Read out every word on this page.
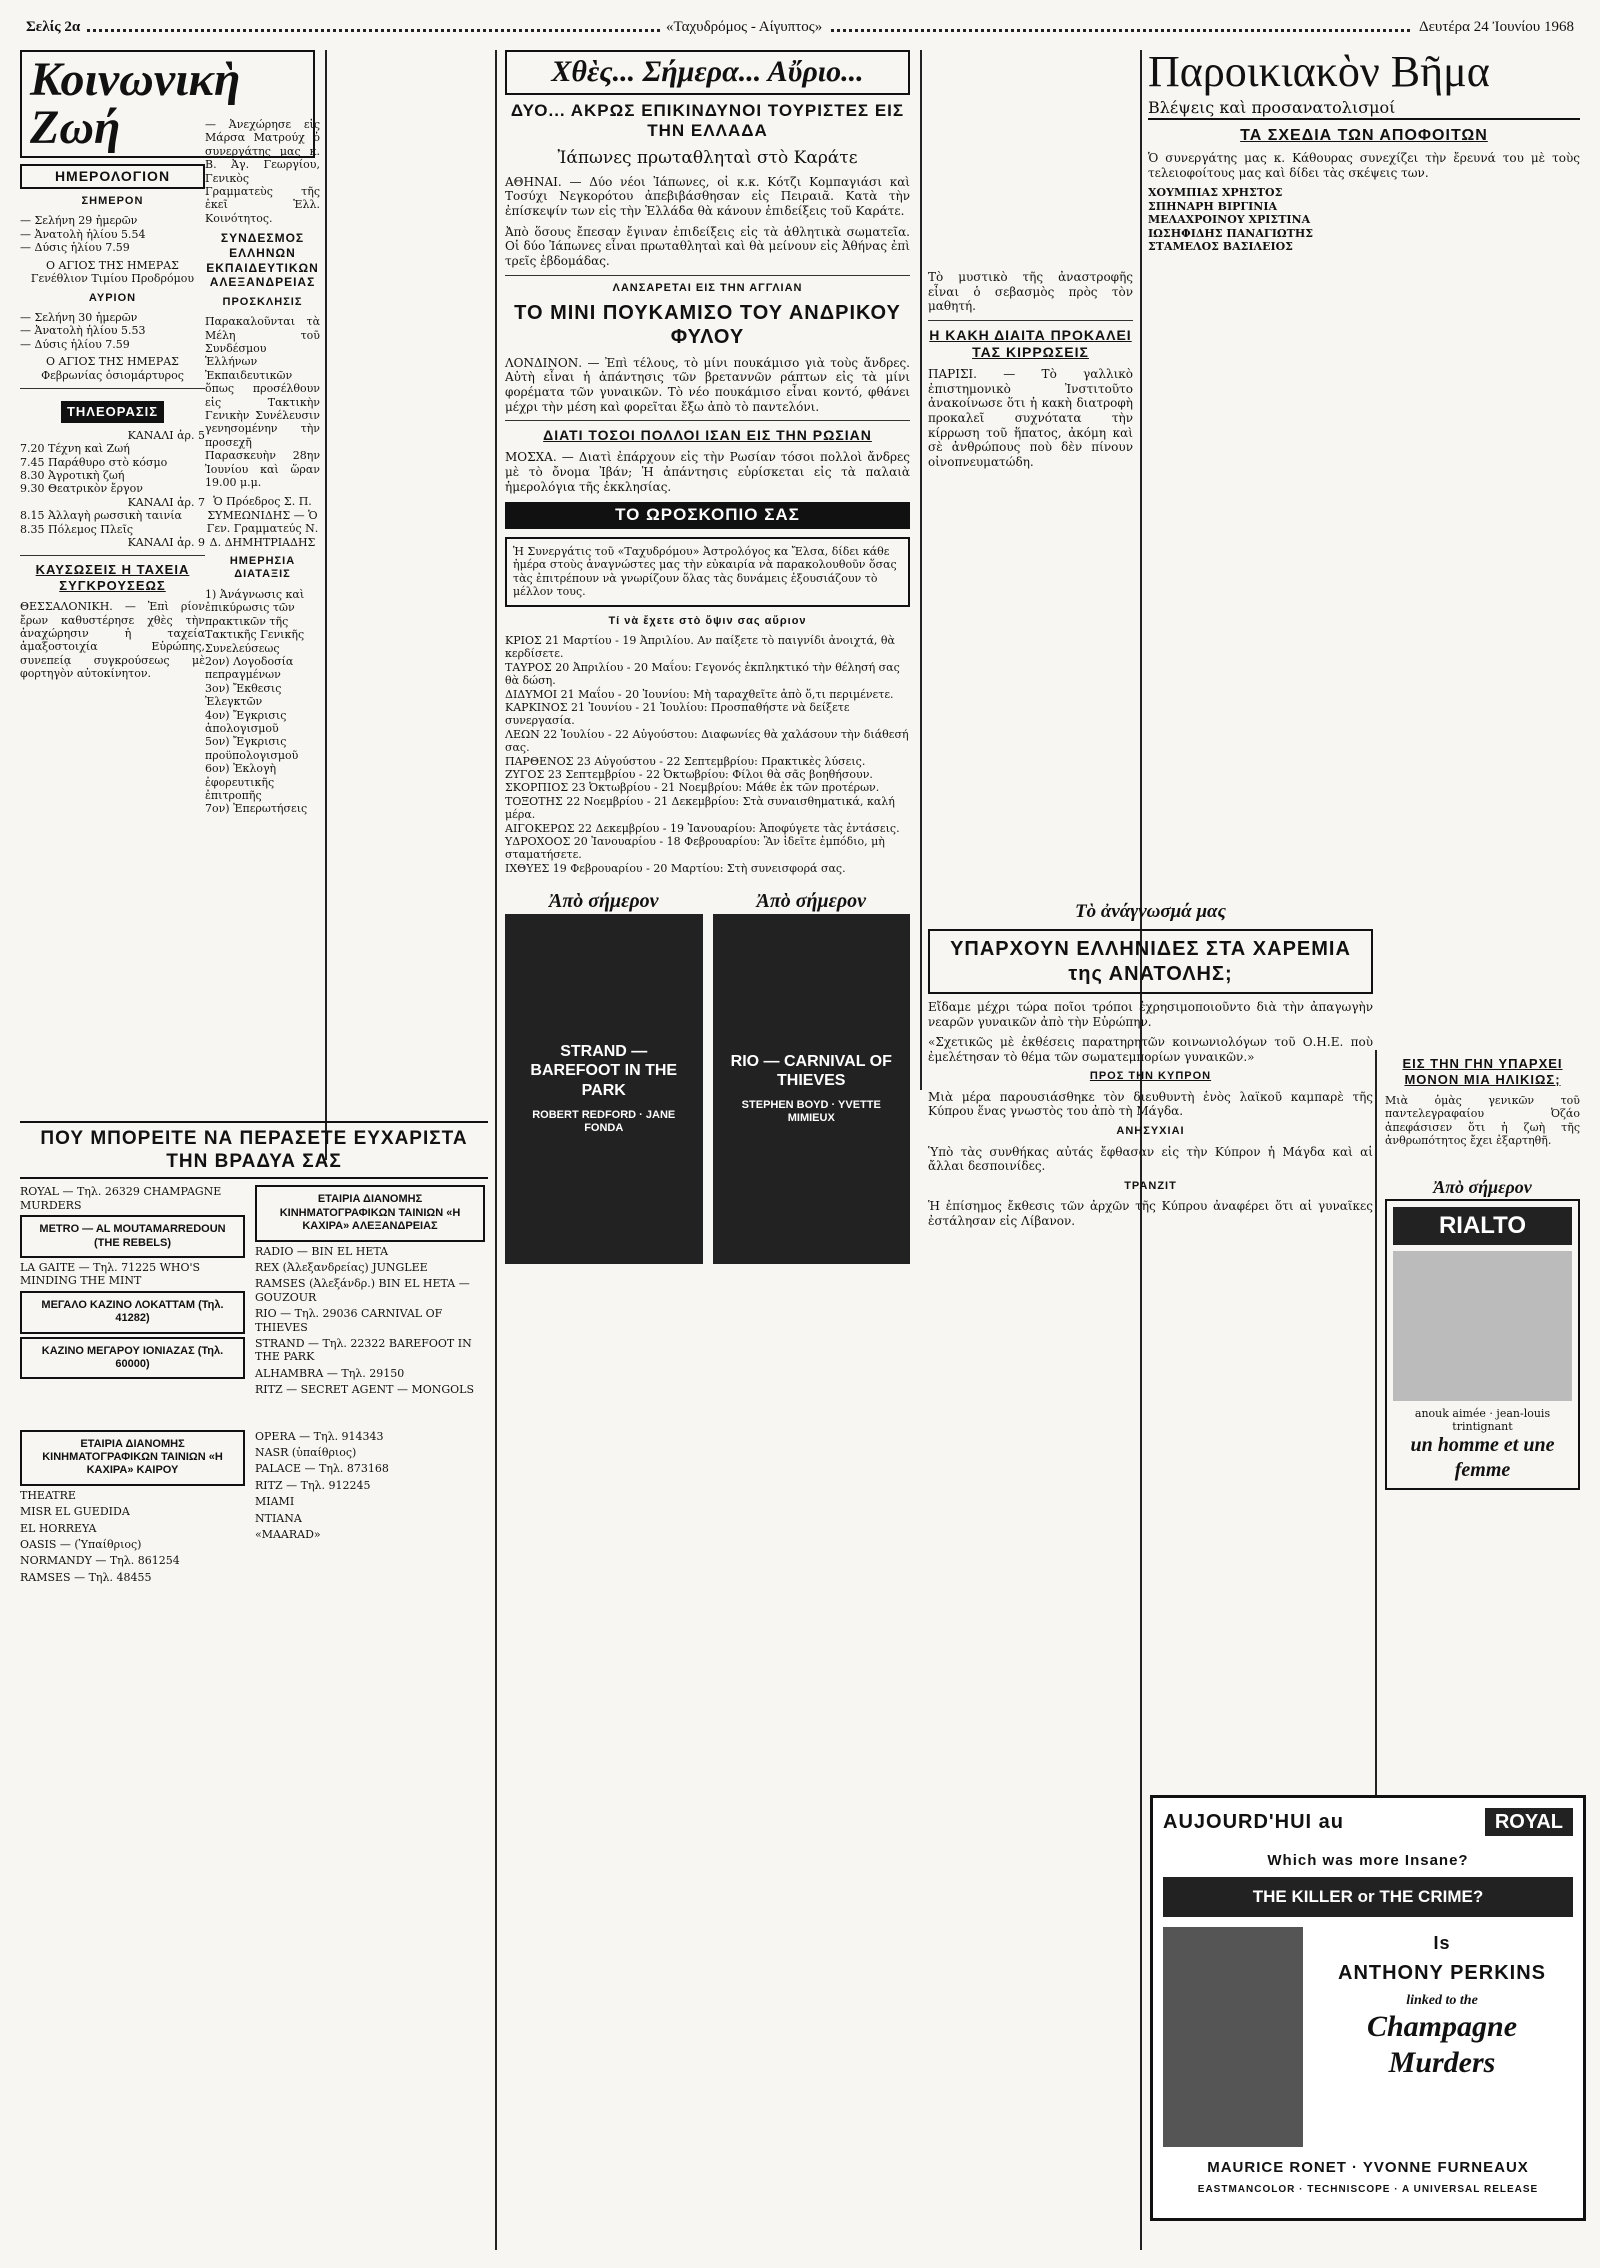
Σελίς 2α	«Ταχυδρόμος - Αίγυπτος»	Δευτέρα 24 Ἰουνίου 1968
Κοινωνικὴ Ζωή
ΗΜΕΡΟΛΟΓΙΟΝ
ΣΗΜΕΡΟΝ
— Σελήνη 29 ἡμερῶν
— Ἀνατολὴ ἡλίου 5.54
— Δύσις ἡλίου 7.59
Ο ΑΓΙΟΣ ΤΗΣ ΗΜΕΡΑΣ Γενέθλιον Τιμίου Προδρόμου
ΑΥΡΙΟΝ
— Σελήνη 30 ἡμερῶν
— Ἀνατολὴ ἡλίου 5.53
— Δύσις ἡλίου 7.59
Ο ΑΓΙΟΣ ΤΗΣ ΗΜΕΡΑΣ Φεβρωνίας ὁσιομάρτυρος
ΤΗΛΕΟΡΑΣΙΣ
ΚΑΝΑΛΙ ἀρ. 5
7.20 Τέχνη καὶ Ζωή
7.45 Παράθυρο στὸ κόσμο
8.30 Ἀγροτικὴ ζωή
9.30 Θεατρικὸν ἔργον
ΚΑΝΑΛΙ ἀρ. 7
8.15 Ἀλλαγὴ ρωσσικὴ ταινία
8.35 Πόλεμος Πλεῖς
ΚΑΝΑΛΙ ἀρ. 9
ΚΑΥΣΩΣΕΙΣ Η ΤΑΧΕΙΑ ΣΥΓΚΡΟΥΣΕΩΣ

ΘΕΣΣΑΛΟΝΙΚΗ. — Ἐπὶ ρίον ἔρων καθυστέρησε χθὲς τὴν ἀναχώρησιν ἡ ταχεία ἀμαξοστοιχία Εὐρώπης, συνεπείᾳ συγκρούσεως μὲ φορτηγὸν αὐτοκίνητον.

— Ἀνεχώρησε εἰς Μάρσα Ματρούχ ὁ συνεργάτης μας κ. Β. Ἀγ. Γεωργίου, Γενικὸς Γραμματεὺς τῆς ἐκεῖ Ἑλλ. Κοινότητος.

ΣΥΝΔΕΣΜΟΣ ΕΛΛΗΝΩΝ ΕΚΠΑΙΔΕΥΤΙΚΩΝ ΑΛΕΞΑΝΔΡΕΙΑΣ
ΠΡΟΣΚΛΗΣΙΣ

Παρακαλοῦνται τὰ Μέλη τοῦ Συνδέσμου Ἑλλήνων Ἐκπαιδευτικῶν ὅπως προσέλθουν εἰς Τακτικὴν Γενικὴν Συνέλευσιν γενησομένην τὴν προσεχῆ Παρασκευὴν 28ην Ἰουνίου καὶ ὥραν 19.00 μ.μ.

Ὁ Πρόεδρος Σ. Π. ΣΥΜΕΩΝΙΔΗΣ — Ὁ Γεν. Γραμματεύς Ν. Δ. ΔΗΜΗΤΡΙΑΔΗΣ

ΗΜΕΡΗΣΙΑ ΔΙΑΤΑΞΙΣ
1) Ἀνάγνωσις καὶ ἐπικύρωσις τῶν πρακτικῶν τῆς Τακτικῆς Γενικῆς Συνελεύσεως
2ον) Λογοδοσία πεπραγμένων
3ον) Ἔκθεσις Ἐλεγκτῶν
4ον) Ἔγκρισις ἀπολογισμοῦ
5ον) Ἔγκρισις προϋπολογισμοῦ
6ον) Ἐκλογὴ ἐφορευτικῆς ἐπιτροπῆς
7ον) Ἐπερωτήσεις
ΠΟΥ ΜΠΟΡΕΙΤΕ ΝΑ ΠΕΡΑΣΕΤΕ ΕΥΧΑΡΙΣΤΑ ΤΗΝ ΒΡΑΔΥΑ ΣΑΣ
ROYAL — Τηλ. 26329 CHAMPAGNE MURDERS
METRO — AL MOUTAMARREDOUN (THE REBELS)
LA GAITE — Τηλ. 71225 WHO'S MINDING THE MINT
ΜΕΓΑΛΟ ΚΑΖΙΝΟ ΛΟΚΑΤΤΑΜ (Τηλ. 41282)
ΚΑΖΙΝΟ ΜΕΓΑΡΟΥ ΙΟΝΙΑΖΑΣ (Τηλ. 60000)
ΕΤΑΙΡΙΑ ΔΙΑΝΟΜΗΣ ΚΙΝΗΜΑΤΟΓΡΑΦΙΚΩΝ ΤΑΙΝΙΩΝ «Η ΚΑΧΙΡΑ» ΑΛΕΞΑΝΔΡΕΙΑΣ
RADIO — BIN EL HETA
REX (Ἀλεξανδρείας) JUNGLEE
RAMSES (Ἀλεξάνδρ.) BIN EL HETA — GOUZOUR
RIO — Τηλ. 29036 CARNIVAL OF THIEVES
STRAND — Τηλ. 22322 BAREFOOT IN THE PARK
ALHAMBRA — Τηλ. 29150
RITZ — SECRET AGENT — MONGOLS
ΕΤΑΙΡΙΑ ΔΙΑΝΟΜΗΣ ΚΙΝΗΜΑΤΟΓΡΑΦΙΚΩΝ ΤΑΙΝΙΩΝ «Η ΚΑΧΙΡΑ» ΚΑΙΡΟΥ
THEATRE
MISR EL GUEDIDA
EL HORREYA
OASIS — (Ὑπαίθριος)
NORMANDY — Τηλ. 861254
RAMSES — Τηλ. 48455
OPERA — Τηλ. 914343
NASR (ὑπαίθριος)
PALACE — Τηλ. 873168
RITZ — Τηλ. 912245
MIAMI
ΝΤΙΑΝΑ
«MAARAD»
Χθὲς... Σήμερα... Αὔριο...
ΔΥΟ... ΑΚΡΩΣ ΕΠΙΚΙΝΔΥΝΟΙ ΤΟΥΡΙΣΤΕΣ ΕΙΣ ΤΗΝ ΕΛΛΑΔΑ
Ἰάπωνες πρωταθληταὶ στὸ Καράτε

ΑΘΗΝΑΙ. — Δύο νέοι Ἰάπωνες, οἱ κ.κ. Κότζι Κομπαγιάσι καὶ Τοσύχι Νεγκορότου ἀπεβιβάσθησαν εἰς Πειραιᾶ. Κατὰ τὴν ἐπίσκεψίν των εἰς τὴν Ἑλλάδα θὰ κάνουν ἐπιδείξεις τοῦ Καράτε.

Ἀπὸ ὅσους ἔπεσαν ἔγιναν ἐπιδείξεις εἰς τὰ ἀθλητικὰ σωματεῖα. Οἱ δύο Ἰάπωνες εἶναι πρωταθληταὶ καὶ θὰ μείνουν εἰς Ἀθήνας ἐπὶ τρεῖς ἑβδομάδας.

ΛΑΝΣΑΡΕΤΑΙ ΕΙΣ ΤΗΝ ΑΓΓΛΙΑΝ
ΤΟ ΜΙΝΙ ΠΟΥΚΑΜΙΣΟ ΤΟΥ ΑΝΔΡΙΚΟΥ ΦΥΛΟΥ

ΛΟΝΔΙΝΟΝ. — Ἐπὶ τέλους, τὸ μίνι πουκάμισο γιὰ τοὺς ἄνδρες. Αὐτὴ εἶναι ἡ ἀπάντησις τῶν βρεταννῶν ράπτων εἰς τὰ μίνι φορέματα τῶν γυναικῶν. Τὸ νέο πουκάμισο εἶναι κοντό, φθάνει μέχρι τὴν μέση καὶ φορεῖται ἔξω ἀπὸ τὸ παντελόνι.

ΔΙΑΤΙ ΤΟΣΟΙ ΠΟΛΛΟΙ ΙΣΑΝ ΕΙΣ ΤΗΝ ΡΩΣΙΑΝ

ΜΟΣΧΑ. — Διατὶ ἐπάρχουν εἰς τὴν Ρωσίαν τόσοι πολλοὶ ἄνδρες μὲ τὸ ὄνομα Ἰβάν; Ἡ ἀπάντησις εὑρίσκεται εἰς τὰ παλαιὰ ἡμερολόγια τῆς ἐκκλησίας.

ΤΟ ΩΡΟΣΚΟΠΙΟ ΣΑΣ
Ἡ Συνεργάτις τοῦ «Ταχυδρόμου» Ἀστρολόγος κα Ἔλσα, δίδει κάθε ἡμέρα στοὺς ἀναγνώστες μας τὴν εὐκαιρία νὰ παρακολουθοῦν ὅσας τὰς ἐπιτρέπουν νὰ γνωρίζουν ὅλας τὰς δυνάμεις ἐξουσιάζουν τὸ μέλλον τους.
Τί νὰ ἔχετε στὸ ὄψιν σας αὔριον
ΚΡΙΟΣ 21 Μαρτίου - 19 Ἀπριλίου. Αν παίξετε τὸ παιγνίδι ἀνοιχτά, θὰ κερδίσετε.
ΤΑΥΡΟΣ 20 Ἀπριλίου - 20 Μαΐου: Γεγονός ἐκπληκτικό τὴν θέλησή σας θὰ δώση.
ΔΙΔΥΜΟΙ 21 Μαΐου - 20 Ἰουνίου: Μὴ ταραχθεῖτε ἀπὸ ὅ,τι περιμένετε.
ΚΑΡΚΙΝΟΣ 21 Ἰουνίου - 21 Ἰουλίου: Προσπαθήστε νὰ δείξετε συνεργασία.
ΛΕΩΝ 22 Ἰουλίου - 22 Αὐγούστου: Διαφωνίες θὰ χαλάσουν τὴν διάθεσή σας.
ΠΑΡΘΕΝΟΣ 23 Αὐγούστου - 22 Σεπτεμβρίου: Πρακτικὲς λύσεις.
ΖΥΓΟΣ 23 Σεπτεμβρίου - 22 Ὀκτωβρίου: Φίλοι θὰ σᾶς βοηθήσουν.
ΣΚΟΡΠΙΟΣ 23 Ὀκτωβρίου - 21 Νοεμβρίου: Μάθε ἐκ τῶν προτέρων.
ΤΟΞΟΤΗΣ 22 Νοεμβρίου - 21 Δεκεμβρίου: Στὰ συναισθηματικά, καλή μέρα.
ΑΙΓΟΚΕΡΩΣ 22 Δεκεμβρίου - 19 Ἰανουαρίου: Ἀποφύγετε τὰς ἐντάσεις.
ΥΔΡΟΧΟΟΣ 20 Ἰανουαρίου - 18 Φεβρουαρίου: Ἂν ἰδεῖτε ἐμπόδιο, μὴ σταματήσετε.
ΙΧΘΥΕΣ 19 Φεβρουαρίου - 20 Μαρτίου: Στὴ συνεισφορά σας.
Ἀπὸ σήμερον
STRAND — BAREFOOT IN THE PARK
ROBERT REDFORD · JANE FONDA
Ἀπὸ σήμερον
RIO — CARNIVAL OF THIEVES
STEPHEN BOYD · YVETTE MIMIEUX

Τὸ μυστικὸ τῆς ἀναστροφῆς εἶναι ὁ σεβασμὸς πρὸς τὸν μαθητή.

Η ΚΑΚΗ ΔΙΑΙΤΑ ΠΡΟΚΑΛΕΙ ΤΑΣ ΚΙΡΡΩΣΕΙΣ

ΠΑΡΙΣΙ. — Τὸ γαλλικὸ ἐπιστημονικὸ Ἰνστιτοῦτο ἀνακοίνωσε ὅτι ἡ κακὴ διατροφὴ προκαλεῖ συχνότατα τὴν κίρρωση τοῦ ἥπατος, ἀκόμη καὶ σὲ ἀνθρώπους ποὺ δὲν πίνουν οἰνοπνευματώδη.

Παροικιακὸν Βῆμα
Βλέψεις καὶ προσανατολισμοί
ΤΑ ΣΧΕΔΙΑ ΤΩΝ ΑΠΟΦΟΙΤΩΝ

Ὁ συνεργάτης μας κ. Κάθουρας συνεχίζει τὴν ἔρευνά του μὲ τοὺς τελειοφοίτους μας καὶ δίδει τὰς σκέψεις των.

ΧΟΥΜΠΙΑΣ ΧΡΗΣΤΟΣ
ΣΠΗΝΑΡΗ ΒΙΡΓΙΝΙΑ
ΜΕΛΑΧΡΟΙΝΟΥ ΧΡΙΣΤΙΝΑ
ΙΩΣΗΦΙΔΗΣ ΠΑΝΑΓΙΩΤΗΣ
ΣΤΑΜΕΛΟΣ ΒΑΣΙΛΕΙΟΣ
Τὸ ἀνάγνωσμά μας
ΥΠΑΡΧΟΥΝ ΕΛΛΗΝΙΔΕΣ ΣΤΑ ΧΑΡΕΜΙΑ της ΑΝΑΤΟΛΗΣ;

Εἴδαμε μέχρι τώρα ποῖοι τρόποι ἐχρησιμοποιοῦντο διὰ τὴν ἀπαγωγὴν νεαρῶν γυναικῶν ἀπὸ τὴν Εὐρώπην.

«Σχετικῶς μὲ ἐκθέσεις παρατηρητῶν κοινωνιολόγων τοῦ Ο.Η.Ε. ποὺ ἐμελέτησαν τὸ θέμα τῶν σωματεμπορίων γυναικῶν.»

ΠΡΟΣ ΤΗΝ ΚΥΠΡΟΝ

Μιὰ μέρα παρουσιάσθηκε τὸν διευθυντὴ ἑνὸς λαϊκοῦ καμπαρὲ τῆς Κύπρου ἕνας γνωστὸς του ἀπὸ τὴ Μάγδα.

ΑΝΗΣΥΧΙΑΙ

Ὑπὸ τὰς συνθήκας αὐτάς ἔφθασαν εἰς τὴν Κύπρον ἡ Μάγδα καὶ αἱ ἄλλαι δεσποινίδες.

ΤΡΑΝΖΙΤ

Ἡ ἐπίσημος ἔκθεσις τῶν ἀρχῶν τῆς Κύπρου ἀναφέρει ὅτι αἱ γυναῖκες ἐστάλησαν εἰς Λίβανον.

ΕΙΣ ΤΗΝ ΓΗΝ ΥΠΑΡΧΕΙ ΜΟΝΟΝ ΜΙΑ ΗΛΙΚΙΩΣ;

Μιὰ ὁμὰς γενικῶν τοῦ παντελεγραφαίου Ὀζάο ἀπεφάσισεν ὅτι ἡ ζωὴ τῆς ἀνθρωπότητος ἔχει ἐξαρτηθῆ.

Ἀπὸ σήμερον
RIALTO
anouk aimée · jean-louis trintignant
un homme et une femme
AUJOURD'HUI au	ROYAL
Which was more Insane?
THE KILLER or THE CRIME?
Is
ANTHONY PERKINS
linked to the
Champagne Murders
MAURICE RONET · YVONNE FURNEAUX
EASTMANCOLOR · TECHNISCOPE · A UNIVERSAL RELEASE
